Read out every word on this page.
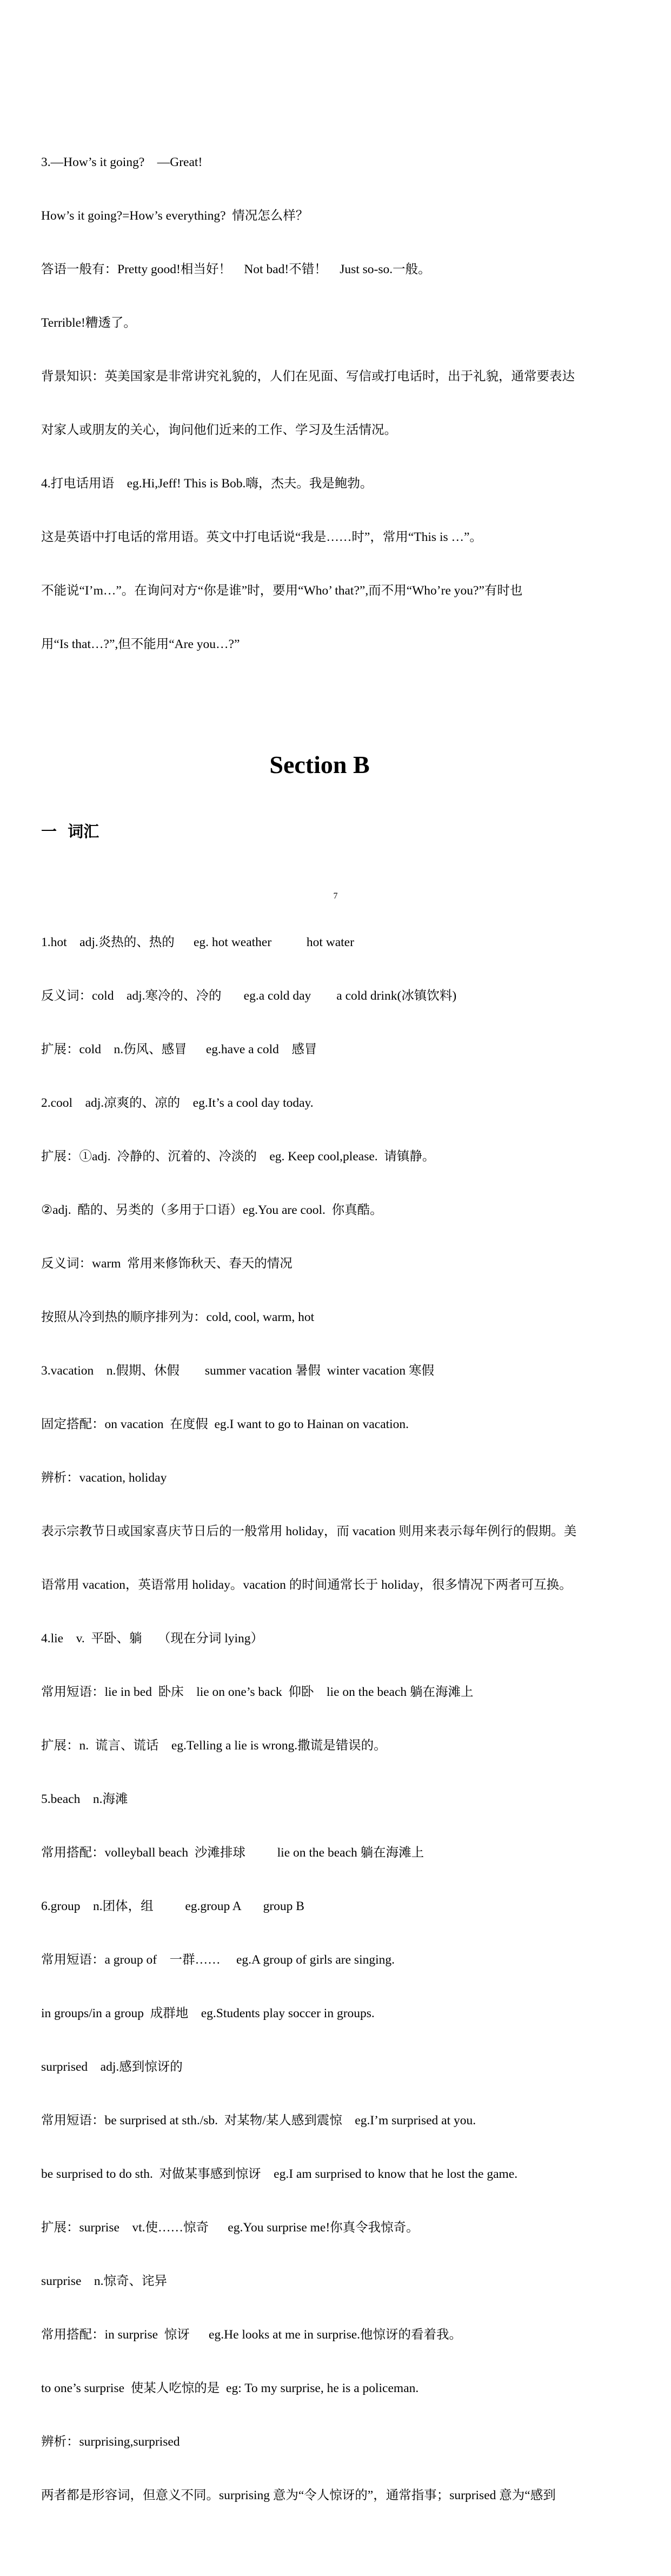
3.—How’s it going?    —Great!

How’s it going?=How’s everything?  情况怎么样？

答语一般有：Pretty good!相当好！    Not bad!不错！    Just so-so.一般。

Terrible!糟透了。

背景知识：英美国家是非常讲究礼貌的，人们在见面、写信或打电话时，出于礼貌，通常要表达

对家人或朋友的关心，询问他们近来的工作、学习及生活情况。

4.打电话用语    eg.Hi,Jeff! This is Bob.嗨，杰夫。我是鲍勃。

这是英语中打电话的常用语。英文中打电话说“我是……时”，常用“This is …”。

不能说“I’m…”。在询问对方“你是谁”时，要用“Who’ that?”,而不用“Who’re you?”有时也

用“Is that…?”,但不能用“Are you…?”

Section B

一  词汇

1.hot    adj.炎热的、热的      eg. hot weather           hot water

反义词：cold    adj.寒冷的、冷的       eg.a cold day        a cold drink(冰镇饮料)

扩展：cold    n.伤风、感冒      eg.have a cold    感冒

2.cool    adj.凉爽的、凉的    eg.It’s a cool day today.

扩展：①adj.  冷静的、沉着的、冷淡的    eg. Keep cool,please.  请镇静。

②adj.  酷的、另类的（多用于口语）eg.You are cool.  你真酷。

反义词：warm  常用来修饰秋天、春天的情况

按照从冷到热的顺序排列为：cold, cool, warm, hot

3.vacation    n.假期、休假        summer vacation 暑假  winter vacation 寒假

固定搭配：on vacation  在度假  eg.I want to go to Hainan on vacation.

辨析：vacation, holiday

表示宗教节日或国家喜庆节日后的一般常用 holiday，而 vacation 则用来表示每年例行的假期。美

语常用 vacation，英语常用 holiday。vacation 的时间通常长于 holiday，很多情况下两者可互换。

4.lie    v.  平卧、躺     （现在分词 lying）

常用短语：lie in bed  卧床    lie on one’s back  仰卧    lie on the beach 躺在海滩上

扩展：n.  谎言、谎话    eg.Telling a lie is wrong.撒谎是错误的。

5.beach    n.海滩

常用搭配：volleyball beach  沙滩排球          lie on the beach 躺在海滩上

6.group    n.团体，组          eg.group A       group B

常用短语：a group of    一群……     eg.A group of girls are singing.

in groups/in a group  成群地    eg.Students play soccer in groups.

surprised    adj.感到惊讶的

常用短语：be surprised at sth./sb.  对某物/某人感到震惊    eg.I’m surprised at you.

be surprised to do sth.  对做某事感到惊讶    eg.I am surprised to know that he lost the game.

扩展：surprise    vt.使……惊奇      eg.You surprise me!你真令我惊奇。

surprise    n.惊奇、诧异

常用搭配：in surprise  惊讶      eg.He looks at me in surprise.他惊讶的看着我。

to one’s surprise  使某人吃惊的是  eg: To my surprise, he is a policeman.

辨析：surprising,surprised

两者都是形容词，但意义不同。surprising 意为“令人惊讶的”，通常指事；surprised 意为“感到

7
